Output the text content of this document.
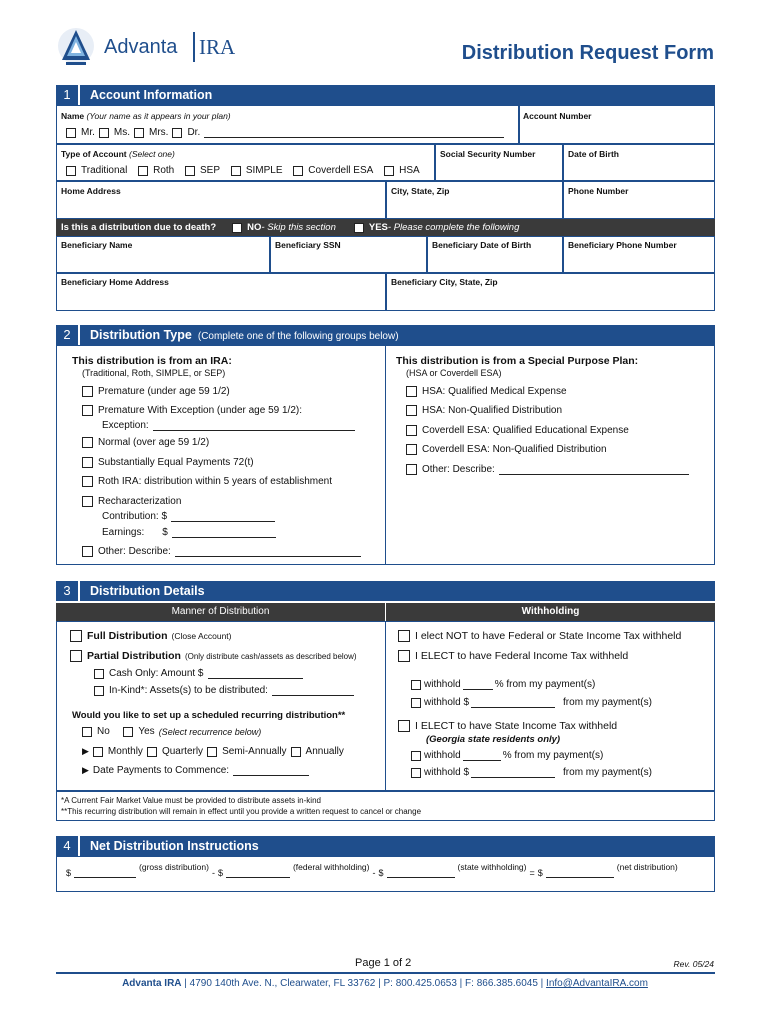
Advanta IRA	Distribution Request Form
1	Account Information
Name (Your name as it appears in your plan)
Mr. Ms. Mrs. Dr.
Account Number
Type of Account (Select one)
Traditional
	Roth
	SEP
	SIMPLE
	Coverdell ESA
	HSA
Social Security Number	Date of Birth
Home Address	City, State, Zip	Phone Number
Is this a distribution due to death?	NO - Skip this section	YES - Please complete the following
Beneficiary Name	Beneficiary SSN	Beneficiary Date of Birth	Beneficiary Phone Number
Beneficiary Home Address	Beneficiary City, State, Zip
2	Distribution Type (Complete one of the following groups below)
This distribution is from an IRA:
(Traditional, Roth, SIMPLE, or SEP)
Premature (under age 59 1/2)
Premature With Exception (under age 59 1/2):
Exception:
Normal (over age 59 1/2)
Substantially Equal Payments 72(t)
Roth IRA: distribution within 5 years of establishment
Recharacterization
Contribution: $
Earnings: $
Other: Describe:
This distribution is from a Special Purpose Plan:
(HSA or Coverdell ESA)
HSA: Qualified Medical Expense
HSA: Non-Qualified Distribution
Coverdell ESA: Qualified Educational Expense
Coverdell ESA: Non-Qualified Distribution
Other: Describe:
3	Distribution Details
Manner of Distribution	Withholding
Full Distribution (Close Account)
Partial Distribution (Only distribute cash/assets as described below)
Cash Only: Amount $
In-Kind*: Assets(s) to be distributed:
Would you like to set up a scheduled recurring distribution**
No
	Yes (Select recurrence below)
▶ Monthly Quarterly Semi-Annually Annually
▶ Date Payments to Commence:
I elect NOT to have Federal or State Income Tax withheld
I ELECT to have Federal Income Tax withheld
withhold	% from my payment(s)
withhold $	from my payment(s)
I ELECT to have State Income Tax withheld
(Georgia state residents only)
withhold	% from my payment(s)
withhold $	from my payment(s)
*A Current Fair Market Value must be provided to distribute assets in-kind
**This recurring distribution will remain in effect until you provide a written request to cancel or change
4	Net Distribution Instructions
$
(gross distribution)
- $
(federal withholding)
- $
(state withholding)
= $
(net distribution)
Page 1 of 2	Rev. 05/24
Advanta IRA | 4790 140th Ave. N., Clearwater, FL 33762 | P: 800.425.0653 | F: 866.385.6045 | Info@AdvantaIRA.com
